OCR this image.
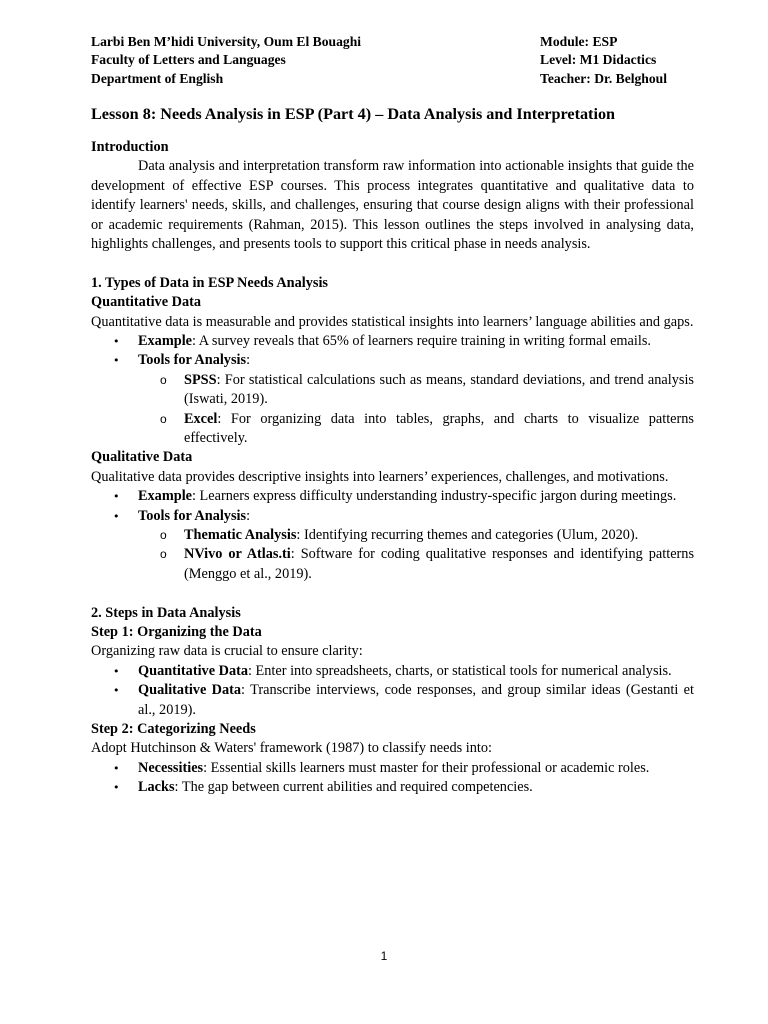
Larbi Ben M’hidi University, Oum El Bouaghi	Module: ESP
Faculty of Letters and Languages	Level: M1 Didactics
Department of English	Teacher: Dr. Belghoul
Lesson 8: Needs Analysis in ESP (Part 4) – Data Analysis and Interpretation
Introduction

Data analysis and interpretation transform raw information into actionable insights that guide the development of effective ESP courses. This process integrates quantitative and qualitative data to identify learners' needs, skills, and challenges, ensuring that course design aligns with their professional or academic requirements (Rahman, 2015). This lesson outlines the steps involved in analysing data, highlights challenges, and presents tools to support this critical phase in needs analysis.

1. Types of Data in ESP Needs Analysis
Quantitative Data

Quantitative data is measurable and provides statistical insights into learners’ language abilities and gaps.

• Example: A survey reveals that 65% of learners require training in writing formal emails.
• Tools for Analysis:
o SPSS: For statistical calculations such as means, standard deviations, and trend analysis (Iswati, 2019).
o Excel: For organizing data into tables, graphs, and charts to visualize patterns effectively.
Qualitative Data

Qualitative data provides descriptive insights into learners’ experiences, challenges, and motivations.

• Example: Learners express difficulty understanding industry-specific jargon during meetings.
• Tools for Analysis:
o Thematic Analysis: Identifying recurring themes and categories (Ulum, 2020).
o NVivo or Atlas.ti: Software for coding qualitative responses and identifying patterns (Menggo et al., 2019).
2. Steps in Data Analysis
Step 1: Organizing the Data

Organizing raw data is crucial to ensure clarity:

• Quantitative Data: Enter into spreadsheets, charts, or statistical tools for numerical analysis.
• Qualitative Data: Transcribe interviews, code responses, and group similar ideas (Gestanti et al., 2019).
Step 2: Categorizing Needs

Adopt Hutchinson & Waters' framework (1987) to classify needs into:

• Necessities: Essential skills learners must master for their professional or academic roles.
• Lacks: The gap between current abilities and required competencies.
1
